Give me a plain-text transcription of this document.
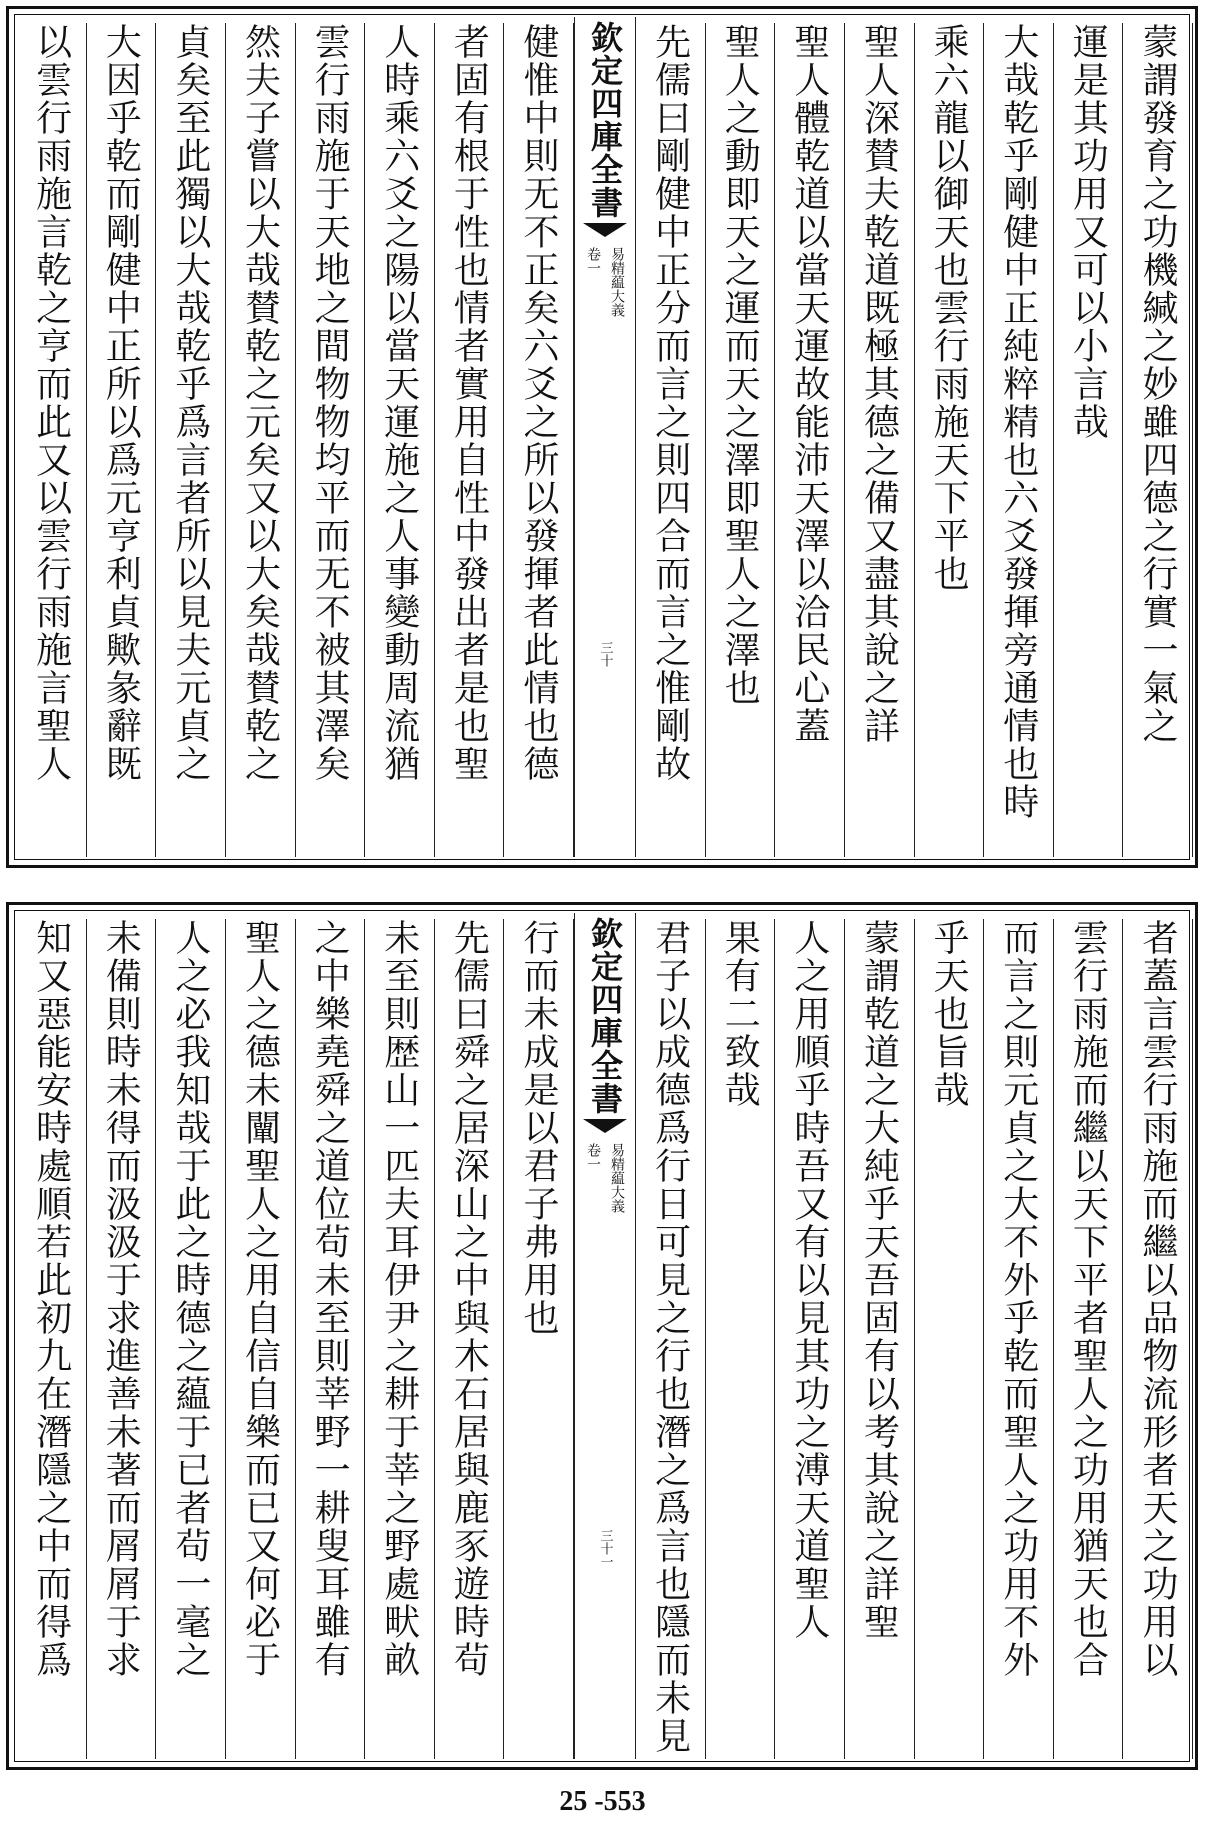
蒙謂發育之功機緘之妙雖四德之行實一氣之
運是其功用又可以小言哉
大哉乾乎剛健中正純粹精也六爻發揮旁通情也時
乘六龍以御天也雲行雨施天下平也
聖人深賛夫乾道既極其德之備又盡其說之詳
聖人體乾道以當天運故能沛天澤以洽民心蓋
聖人之動即天之運而天之澤即聖人之澤也
先儒曰剛健中正分而言之則四合而言之惟剛故
欽定四庫全書
易精藴大義
卷一
三十
健惟中則无不正矣六爻之所以發揮者此情也德
者固有根于性也情者實用自性中發出者是也聖
人時乘六爻之陽以當天運施之人事變動周流猶
雲行雨施于天地之間物物均平而无不被其澤矣
然夫子嘗以大哉賛乾之元矣又以大矣哉賛乾之
貞矣至此獨以大哉乾乎爲言者所以見夫元貞之
大因乎乾而剛健中正所以爲元亨利貞歟彖辭既
以雲行雨施言乾之亨而此又以雲行雨施言聖人
者蓋言雲行雨施而繼以品物流形者天之功用以
雲行雨施而繼以天下平者聖人之功用猶天也合
而言之則元貞之大不外乎乾而聖人之功用不外
乎天也旨哉
蒙謂乾道之大純乎天吾固有以考其說之詳聖
人之用順乎時吾又有以見其功之溥天道聖人
果有二致哉
君子以成德爲行日可見之行也潛之爲言也隱而未見
欽定四庫全書
易精藴大義
卷一
三十一
行而未成是以君子弗用也
先儒曰舜之居深山之中與木石居與鹿豕遊時茍
未至則歴山一匹夫耳伊尹之耕于莘之野處畎畝
之中樂堯舜之道位茍未至則莘野一耕叟耳雖有
聖人之德未闡聖人之用自信自樂而已又何必于
人之必我知哉于此之時德之藴于已者茍一毫之
未備則時未得而汲汲于求進善未著而屑屑于求
知又惡能安時處順若此初九在潛隱之中而得爲
25 -553
